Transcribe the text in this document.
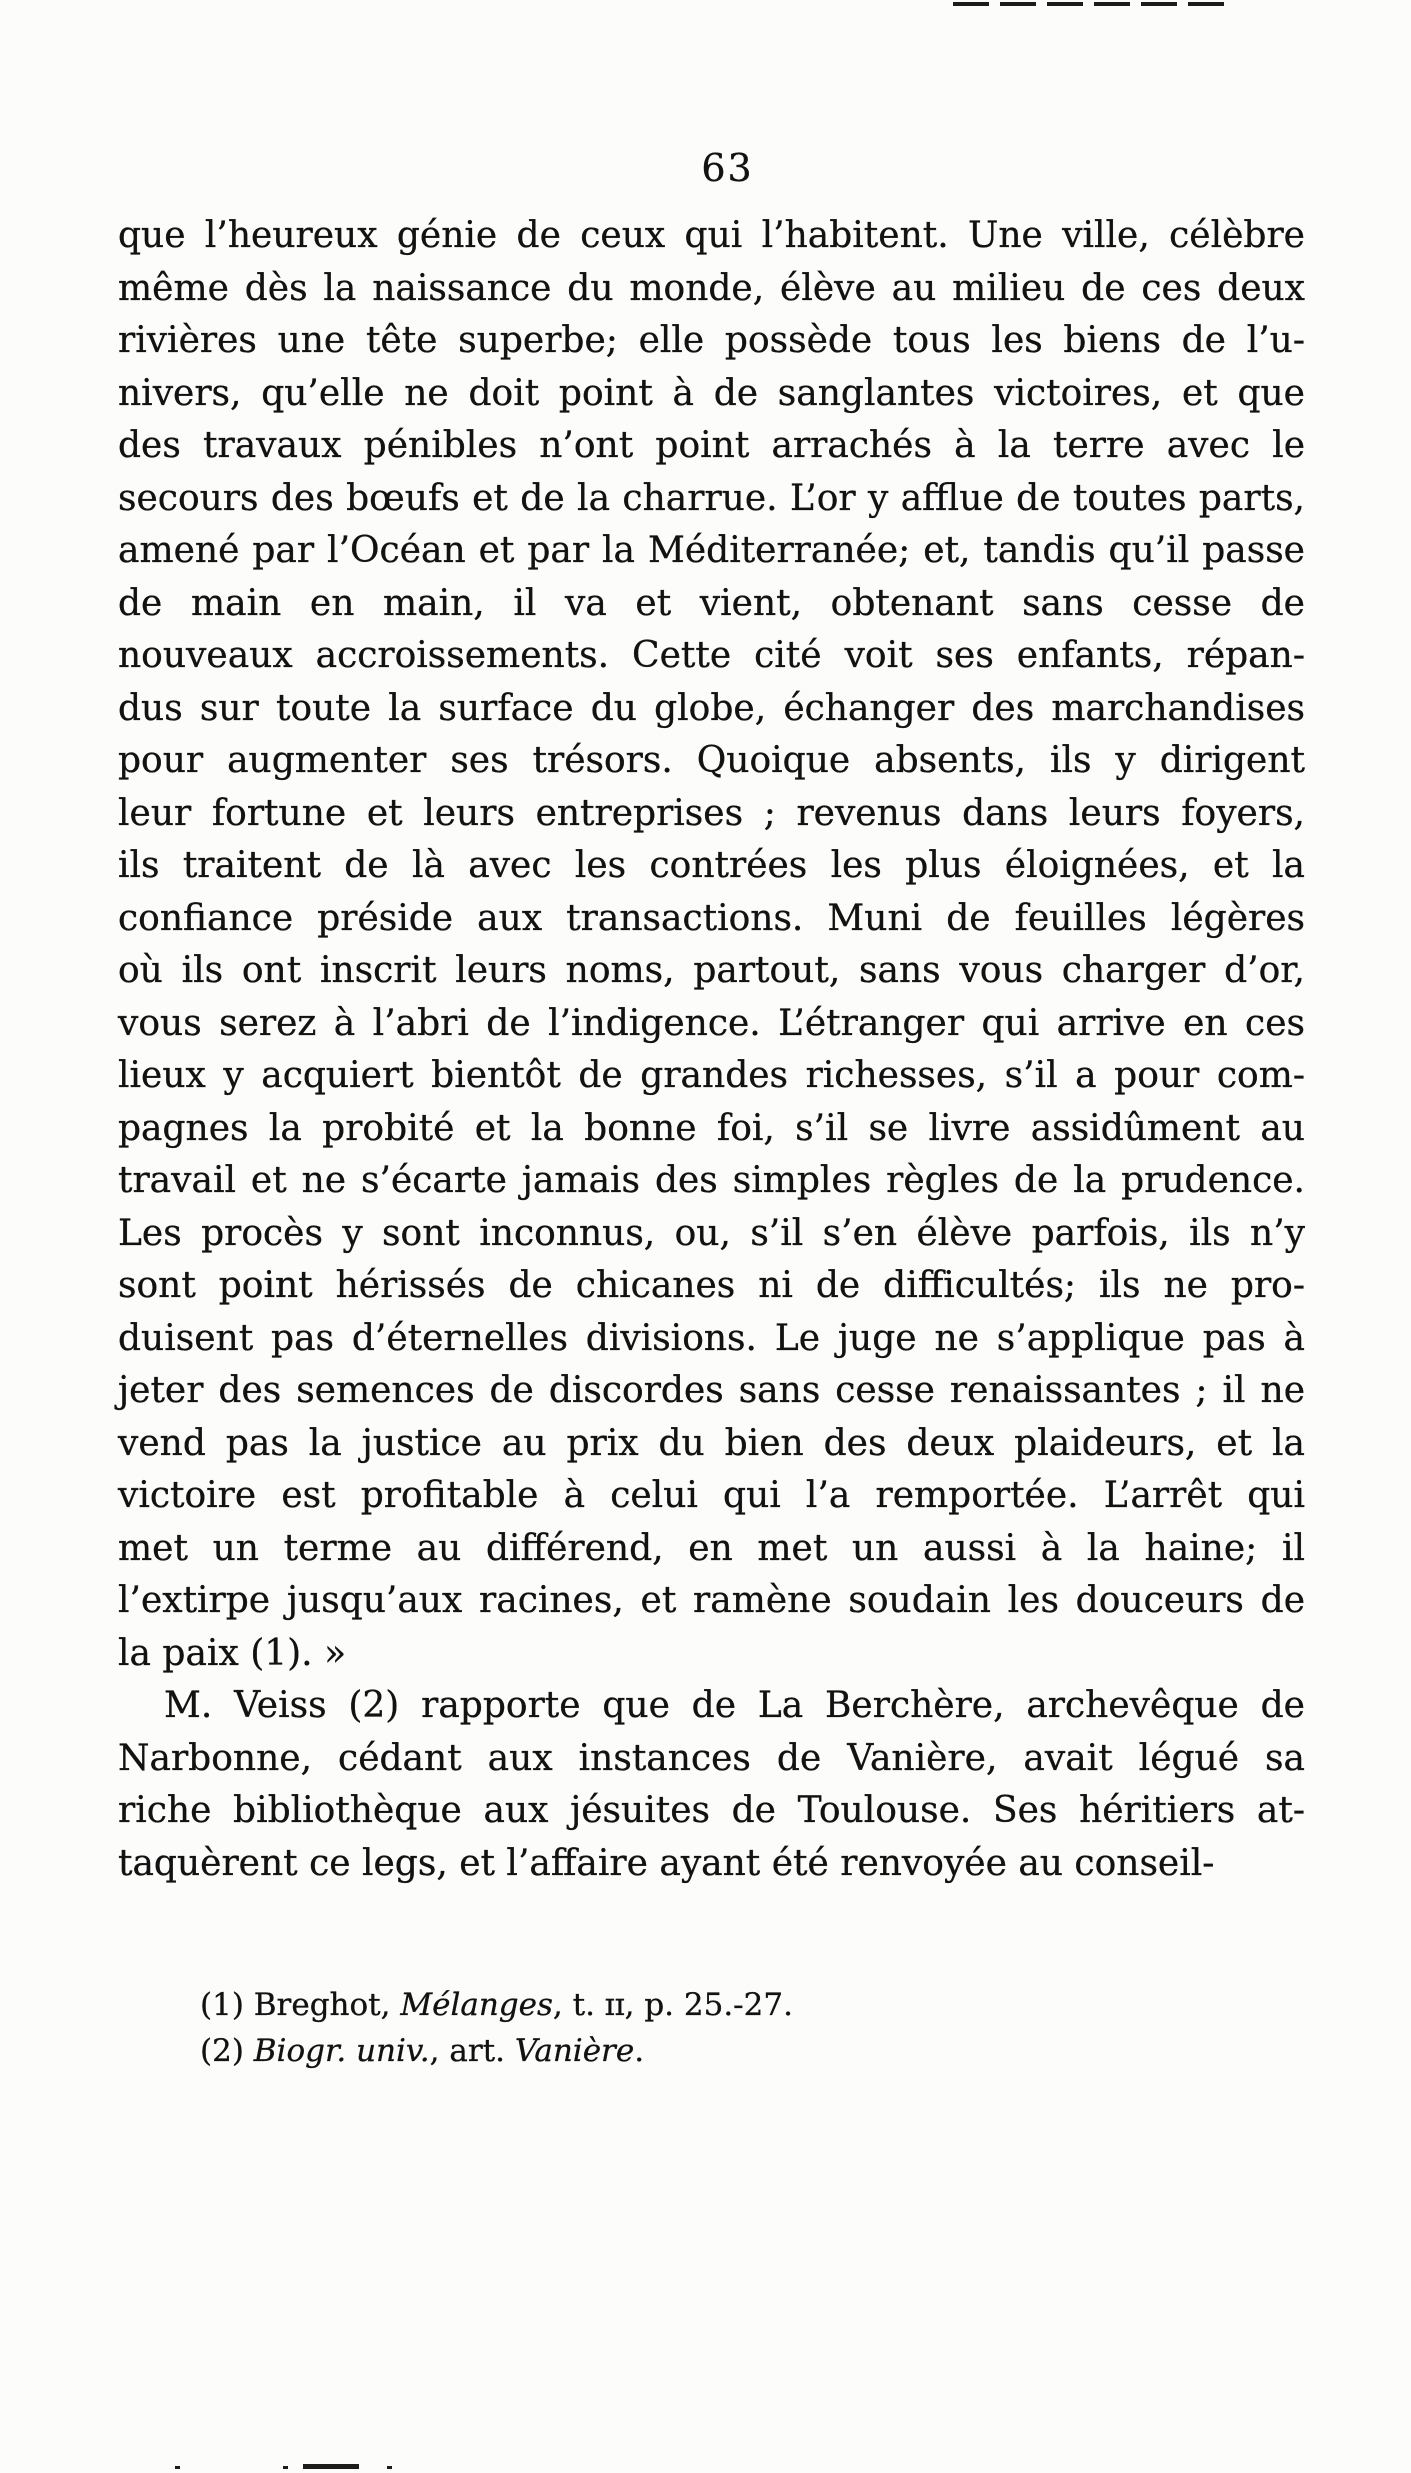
63
que l’heureux génie de ceux qui l’habitent. Une ville, célèbre
même dès la naissance du monde, élève au milieu de ces deux
rivières une tête superbe; elle possède tous les biens de l’u-
nivers, qu’elle ne doit point à de sanglantes victoires, et que
des travaux pénibles n’ont point arrachés à la terre avec le
secours des bœufs et de la charrue. L’or y afflue de toutes parts,
amené par l’Océan et par la Méditerranée; et, tandis qu’il passe
de main en main, il va et vient, obtenant sans cesse de
nouveaux accroissements. Cette cité voit ses enfants, répan-
dus sur toute la surface du globe, échanger des marchandises
pour augmenter ses trésors. Quoique absents, ils y dirigent
leur fortune et leurs entreprises ; revenus dans leurs foyers,
ils traitent de là avec les contrées les plus éloignées, et la
confiance préside aux transactions. Muni de feuilles légères
où ils ont inscrit leurs noms, partout, sans vous charger d’or,
vous serez à l’abri de l’indigence. L’étranger qui arrive en ces
lieux y acquiert bientôt de grandes richesses, s’il a pour com-
pagnes la probité et la bonne foi, s’il se livre assidûment au
travail et ne s’écarte jamais des simples règles de la prudence.
Les procès y sont inconnus, ou, s’il s’en élève parfois, ils n’y
sont point hérissés de chicanes ni de difficultés; ils ne pro-
duisent pas d’éternelles divisions. Le juge ne s’applique pas à
jeter des semences de discordes sans cesse renaissantes ; il ne
vend pas la justice au prix du bien des deux plaideurs, et la
victoire est profitable à celui qui l’a remportée. L’arrêt qui
met un terme au différend, en met un aussi à la haine; il
l’extirpe jusqu’aux racines, et ramène soudain les douceurs de
la paix (1). »
M. Veiss (2) rapporte que de La Berchère, archevêque de
Narbonne, cédant aux instances de Vanière, avait légué sa
riche bibliothèque aux jésuites de Toulouse. Ses héritiers at-
taquèrent ce legs, et l’affaire ayant été renvoyée au conseil-
(1) Breghot, Mélanges, t. ɪɪ, p. 25.-27.
(2) Biogr. univ., art. Vanière.
